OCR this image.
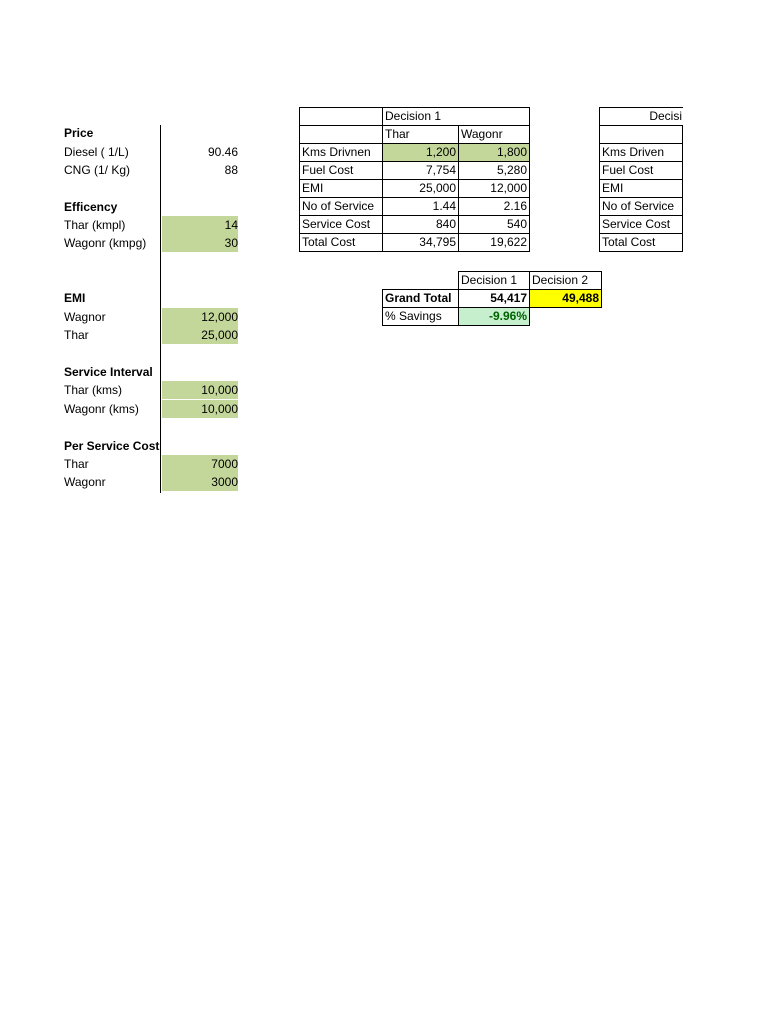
Price
Diesel ( 1/L)	90.46
CNG (1/ Kg)	88
Efficency
Thar (kmpl)	14
Wagonr (kmpg)	30
EMI
Wagnor	12,000
Thar	25,000
Service Interval
Thar (kms)	10,000
Wagonr (kms)	10,000
Per Service Cost
Thar	7000
Wagonr	3000
	Decision 1	
	Thar	Wagonr
Kms Drivnen	1,200	1,800
Fuel Cost	7,754	5,280
EMI	25,000	12,000
No of Service	1.44	2.16
Service Cost	840	540
Total Cost	34,795	19,622
Decisi	

Kms Driven	
Fuel Cost	
EMI	
No of Service	
Service Cost	
Total Cost	
	Decision 1	Decision 2
Grand Total	54,417	49,488
% Savings	-9.96%	
